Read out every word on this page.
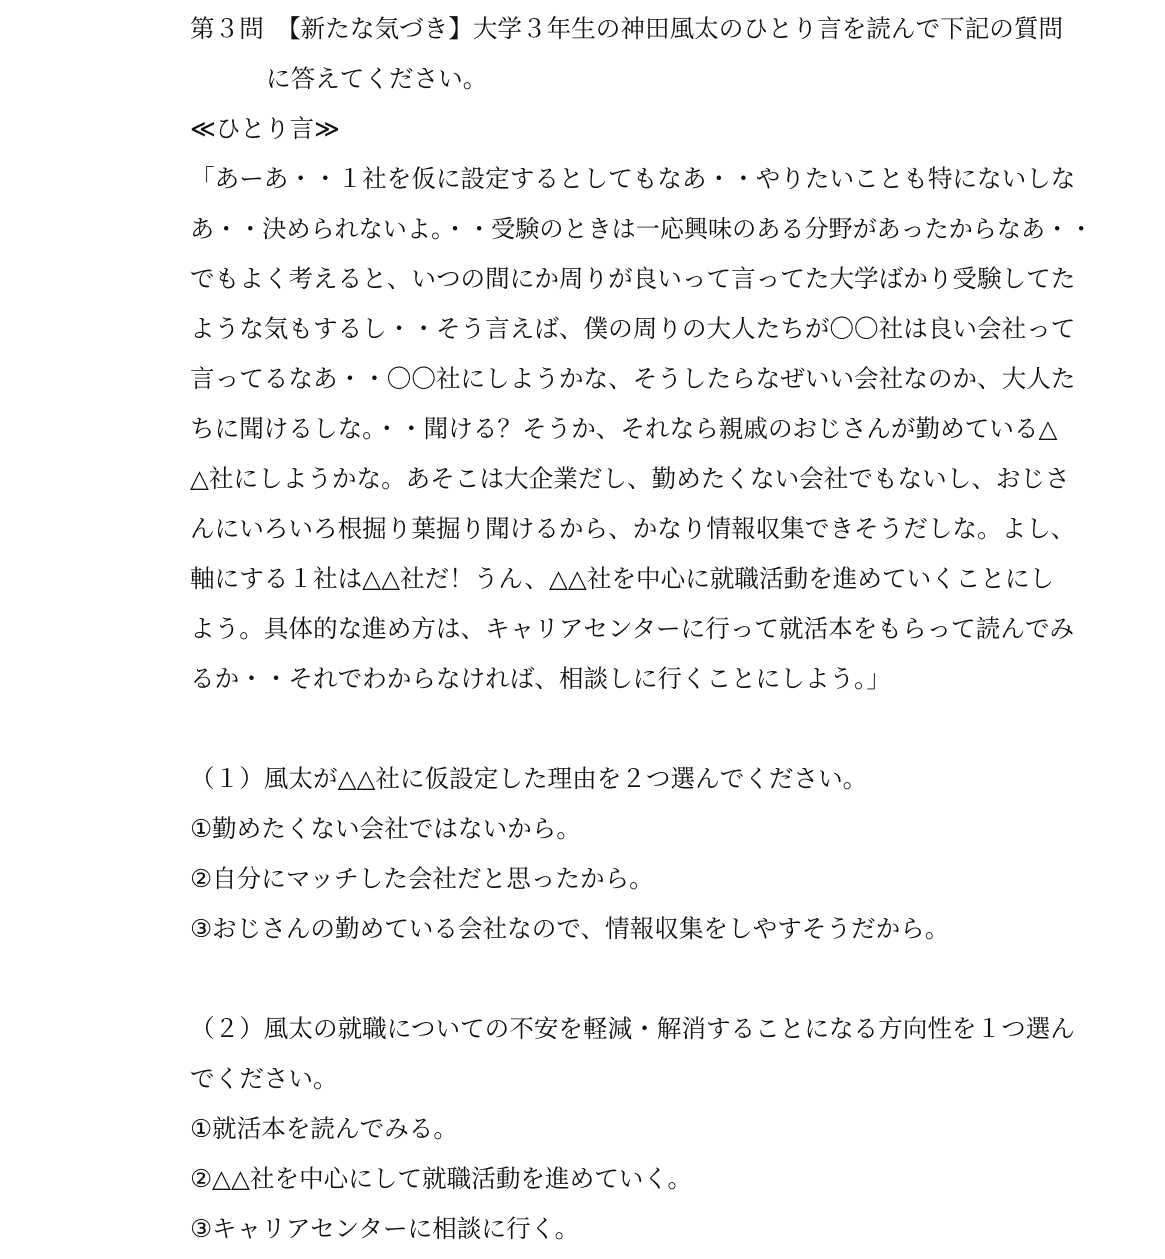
第３問　【新たな気づき】大学３年生の神田風太のひとり言を読んで下記の質問
に答えてください。
≪ひとり言≫
「あーあ・・１社を仮に設定するとしてもなあ・・やりたいことも特にないしな
あ・・決められないよ。・・受験のときは一応興味のある分野があったからなあ・・
でもよく考えると、いつの間にか周りが良いって言ってた大学ばかり受験してた
ような気もするし・・そう言えば、僕の周りの大人たちが〇〇社は良い会社って
言ってるなあ・・〇〇社にしようかな、そうしたらなぜいい会社なのか、大人た
ちに聞けるしな。・・聞ける？そうか、それなら親戚のおじさんが勤めている△
△社にしようかな。あそこは大企業だし、勤めたくない会社でもないし、おじさ
んにいろいろ根掘り葉掘り聞けるから、かなり情報収集できそうだしな。よし、
軸にする１社は△△社だ！うん、△△社を中心に就職活動を進めていくことにし
よう。具体的な進め方は、キャリアセンターに行って就活本をもらって読んでみ
るか・・それでわからなければ、相談しに行くことにしよう。」
（１）風太が△△社に仮設定した理由を２つ選んでください。
①勤めたくない会社ではないから。
②自分にマッチした会社だと思ったから。
③おじさんの勤めている会社なので、情報収集をしやすそうだから。
（２）風太の就職についての不安を軽減・解消することになる方向性を１つ選ん
でください。
①就活本を読んでみる。
②△△社を中心にして就職活動を進めていく。
③キャリアセンターに相談に行く。
